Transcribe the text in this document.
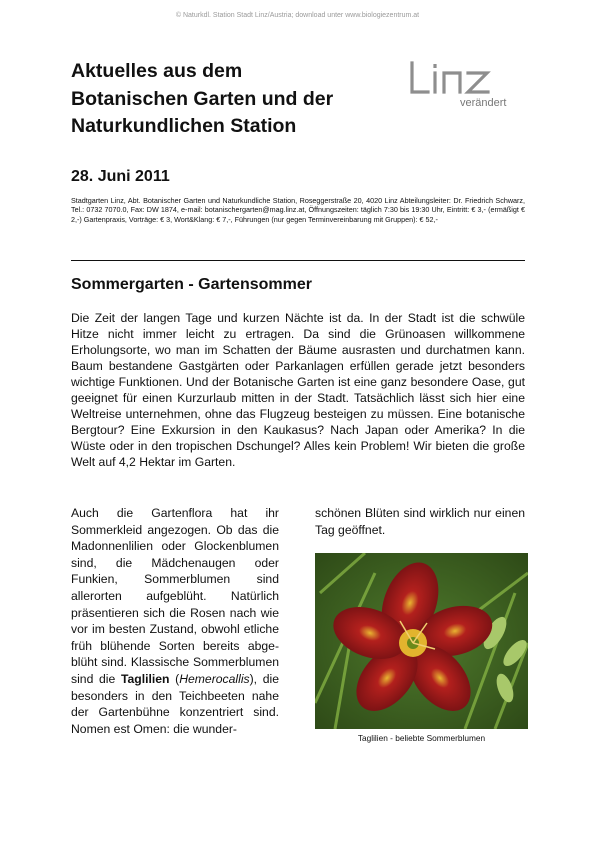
© Naturkdl. Station Stadt Linz/Austria; download unter www.biologiezentrum.at
Aktuelles aus dem
Botanischen Garten und der
Naturkundlichen Station
verändert
28. Juni 2011
Stadtgarten Linz, Abt. Botanischer Garten und Naturkundliche Station, Roseggerstraße 20, 4020 Linz Abteilungsleiter: Dr. Friedrich Schwarz, Tel.: 0732 7070.0, Fax: DW 1874, e-mail: botanischergarten@mag.linz.at, Öffnungszeiten: täglich 7:30 bis 19:30 Uhr, Eintritt: € 3,- (ermäßigt € 2,-) Gartenpraxis, Vorträge: € 3, Wort&Klang: € 7,-, Führungen (nur gegen Terminvereinbarung mit Gruppen): € 52,-
Sommergarten - Gartensommer
Die Zeit der langen Tage und kurzen Nächte ist da. In der Stadt ist die schwüle Hitze nicht immer leicht zu ertragen. Da sind die Grünoasen willkommene Erholungsorte, wo man im Schatten der Bäume ausrasten und durchatmen kann. Baum bestandene Gastgärten oder Parkanlagen erfüllen gerade jetzt besonders wichtige Funktionen. Und der Botanische Garten ist eine ganz besondere Oase, gut geeignet für einen Kurzurlaub mitten in der Stadt. Tatsächlich lässt sich hier eine Weltreise unternehmen, ohne das Flugzeug besteigen zu müssen. Eine botanische Bergtour? Eine Exkursion in den Kaukasus? Nach Japan oder Amerika? In die Wüste oder in den tropischen Dschungel? Alles kein Problem! Wir bieten die große Welt auf 4,2 Hektar im Garten.
Auch die Gartenflora hat ihr Sommerkleid angezogen. Ob das die Madonnenlilien oder Glockenblumen sind, die Mädchenaugen oder Funkien, Sommerblumen sind allerorten aufgeblüht. Natürlich präsentieren sich die Rosen nach wie vor im besten Zustand, obwohl etliche früh blühende Sorten bereits abgeblüht sind. Klassische Sommerblumen sind die Taglilien (Hemerocallis), die besonders in den Teichbeeten nahe der Gartenbühne konzentriert sind. Nomen est Omen: die wunder-
schönen Blüten sind wirklich nur einen Tag geöffnet.
Taglilien - beliebte Sommerblumen
